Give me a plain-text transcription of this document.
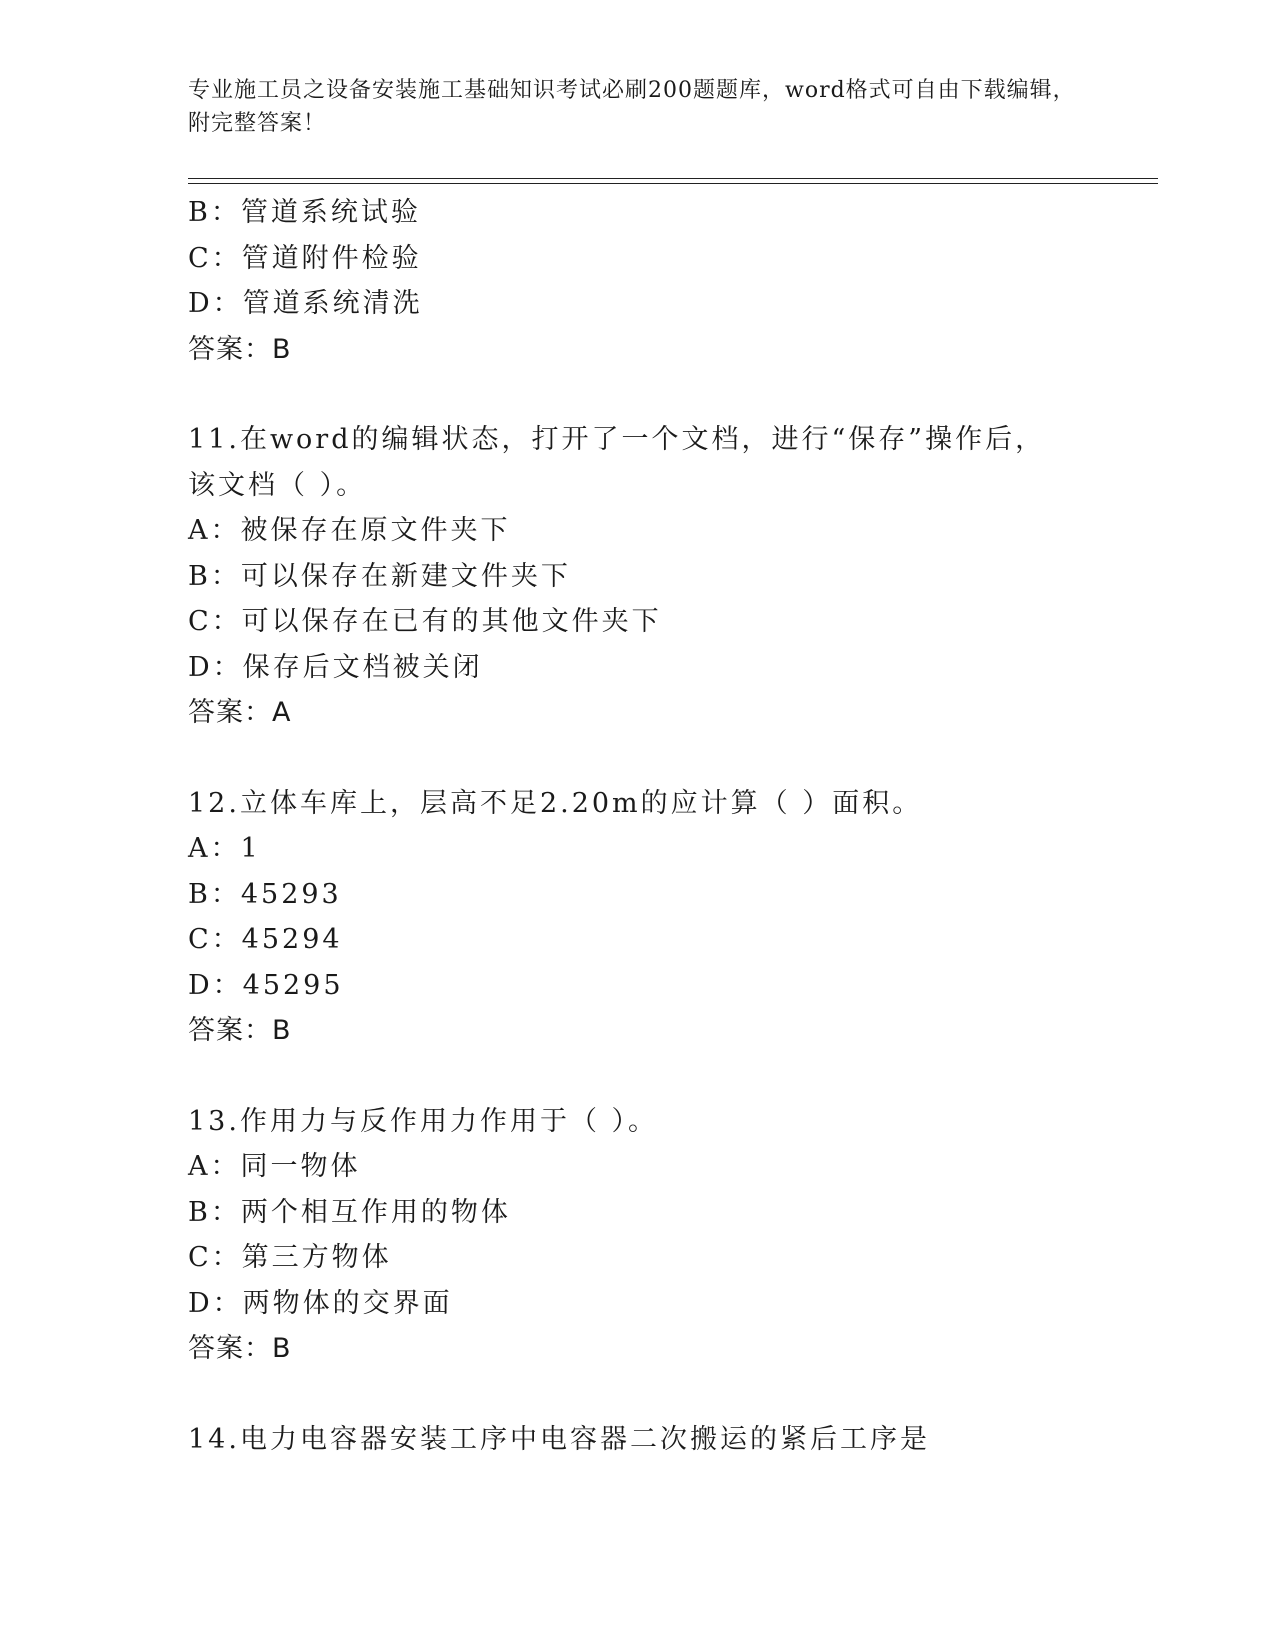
专业施工员之设备安装施工基础知识考试必刷200题题库，word格式可自由下载编辑，附完整答案！
B：管道系统试验
C：管道附件检验
D：管道系统清洗
答案：B
11.在word的编辑状态，打开了一个文档，进行“保存”操作后，该文档（ ）。
A：被保存在原文件夹下
B：可以保存在新建文件夹下
C：可以保存在已有的其他文件夹下
D：保存后文档被关闭
答案：A
12.立体车库上，层高不足2.20m的应计算（ ）面积。
A：1
B：45293
C：45294
D：45295
答案：B
13.作用力与反作用力作用于（ ）。
A：同一物体
B：两个相互作用的物体
C：第三方物体
D：两物体的交界面
答案：B
14.电力电容器安装工序中电容器二次搬运的紧后工序是
